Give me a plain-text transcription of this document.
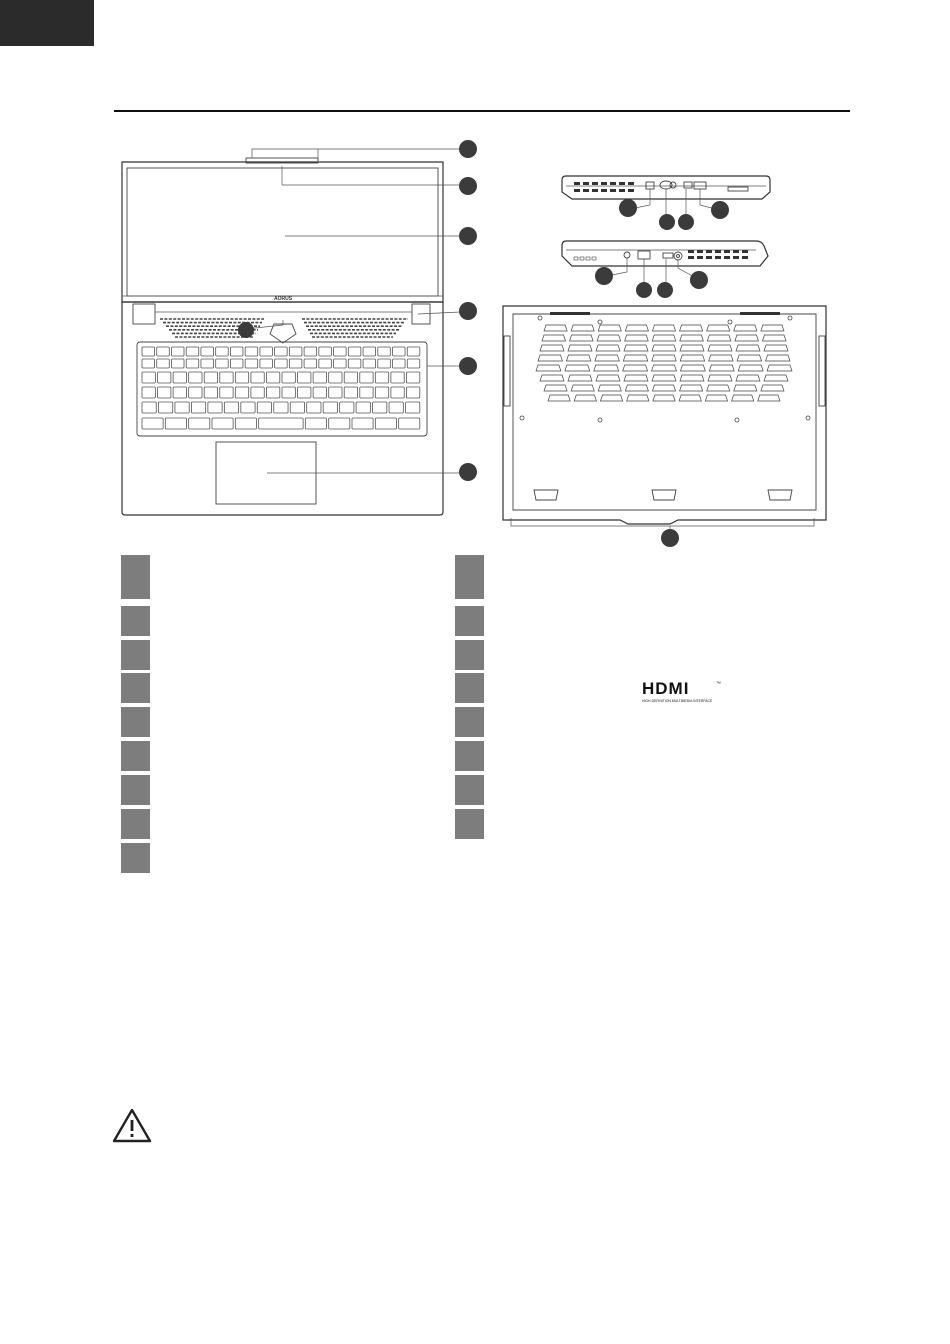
AORUS
HDMI	™
HIGH-DEFINITION MULTIMEDIA INTERFACE
